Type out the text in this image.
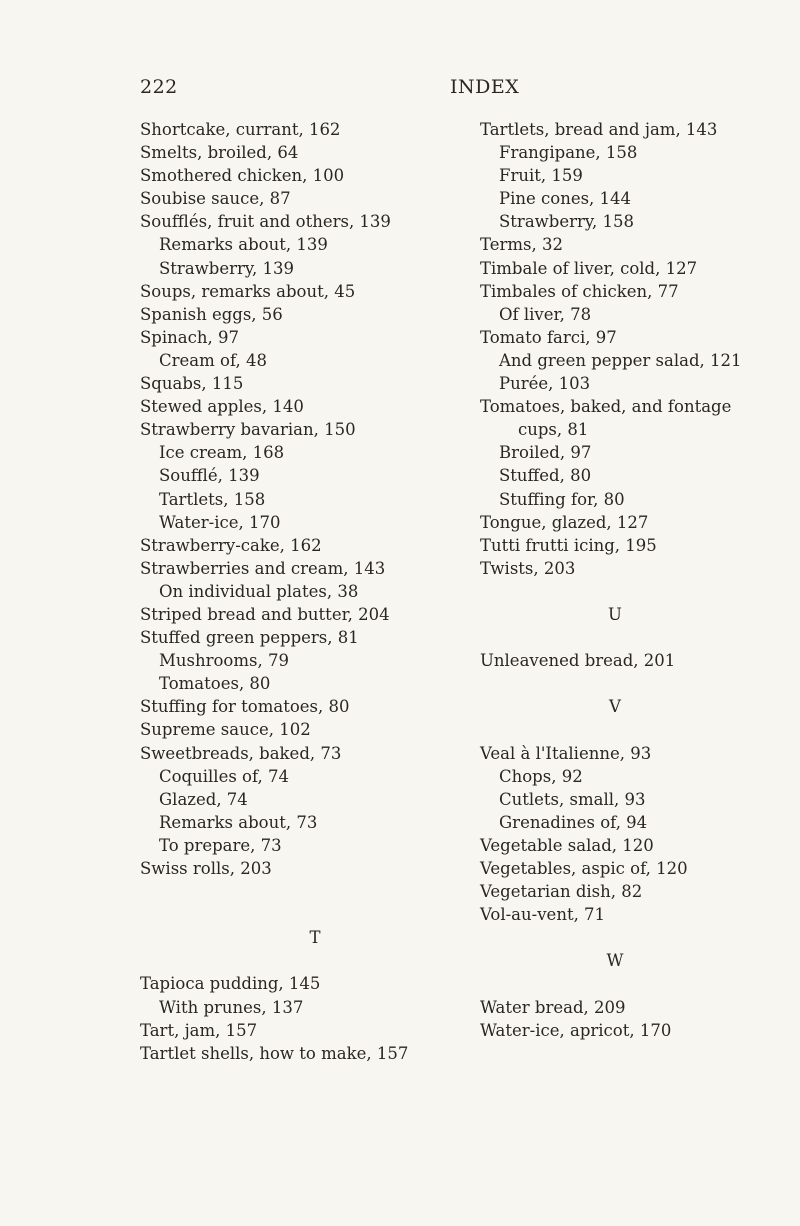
222	INDEX
Shortcake, currant, 162
Smelts, broiled, 64
Smothered chicken, 100
Soubise sauce, 87
Soufflés, fruit and others, 139
Remarks about, 139
Strawberry, 139
Soups, remarks about, 45
Spanish eggs, 56
Spinach, 97
Cream of, 48
Squabs, 115
Stewed apples, 140
Strawberry bavarian, 150
Ice cream, 168
Soufflé, 139
Tartlets, 158
Water-ice, 170
Strawberry-cake, 162
Strawberries and cream, 143
On individual plates, 38
Striped bread and butter, 204
Stuffed green peppers, 81
Mushrooms, 79
Tomatoes, 80
Stuffing for tomatoes, 80
Supreme sauce, 102
Sweetbreads, baked, 73
Coquilles of, 74
Glazed, 74
Remarks about, 73
To prepare, 73
Swiss rolls, 203
T
Tapioca pudding, 145
With prunes, 137
Tart, jam, 157
Tartlet shells, how to make, 157
Tartlets, bread and jam, 143
Frangipane, 158
Fruit, 159
Pine cones, 144
Strawberry, 158
Terms, 32
Timbale of liver, cold, 127
Timbales of chicken, 77
Of liver, 78
Tomato farci, 97
And green pepper salad, 121
Purée, 103
Tomatoes, baked, and fontage
cups, 81
Broiled, 97
Stuffed, 80
Stuffing for, 80
Tongue, glazed, 127
Tutti frutti icing, 195
Twists, 203
U
Unleavened bread, 201
V
Veal à l'Italienne, 93
Chops, 92
Cutlets, small, 93
Grenadines of, 94
Vegetable salad, 120
Vegetables, aspic of, 120
Vegetarian dish, 82
Vol-au-vent, 71
W
Water bread, 209
Water-ice, apricot, 170
